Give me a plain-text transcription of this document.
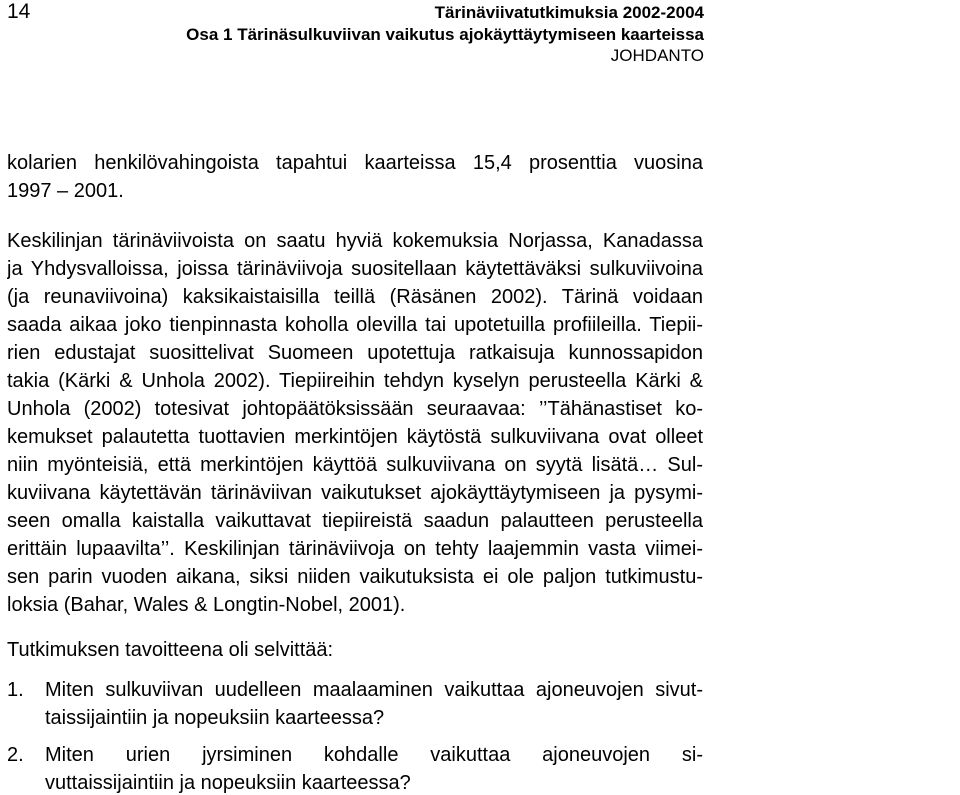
14	Tärinäviivatutkimuksia 2002-2004
Osa 1 Tärinäsulkuviivan vaikutus ajokäyttäytymiseen kaarteissa
JOHDANTO
kolarien henkilövahingoista tapahtui kaarteissa 15,4 prosenttia vuosina
1997 – 2001.
Keskilinjan tärinäviivoista on saatu hyviä kokemuksia Norjassa, Kanadassa
ja Yhdysvalloissa, joissa tärinäviivoja suositellaan käytettäväksi sulkuviivoina
(ja reunaviivoina) kaksikaistaisilla teillä (Räsänen 2002). Tärinä voidaan
saada aikaa joko tienpinnasta koholla olevilla tai upotetuilla profiileilla. Tiepii-
rien edustajat suosittelivat Suomeen upotettuja ratkaisuja kunnossapidon
takia (Kärki & Unhola 2002). Tiepiireihin tehdyn kyselyn perusteella Kärki &
Unhola (2002) totesivat johtopäätöksissään seuraavaa: ’’Tähänastiset ko-
kemukset palautetta tuottavien merkintöjen käytöstä sulkuviivana ovat olleet
niin myönteisiä, että merkintöjen käyttöä sulkuviivana on syytä lisätä… Sul-
kuviivana käytettävän tärinäviivan vaikutukset ajokäyttäytymiseen ja pysymi-
seen omalla kaistalla vaikuttavat tiepiireistä saadun palautteen perusteella
erittäin lupaavilta’’. Keskilinjan tärinäviivoja on tehty laajemmin vasta viimei-
sen parin vuoden aikana, siksi niiden vaikutuksista ei ole paljon tutkimustu-
loksia (Bahar, Wales & Longtin-Nobel, 2001).
Tutkimuksen tavoitteena oli selvittää:
1. Miten sulkuviivan uudelleen maalaaminen vaikuttaa ajoneuvojen sivut-
taissijaintiin ja nopeuksiin kaarteessa?
2. Miten urien jyrsiminen kohdalle vaikuttaa ajoneuvojen si-
vuttaissijaintiin ja nopeuksiin kaarteessa?
